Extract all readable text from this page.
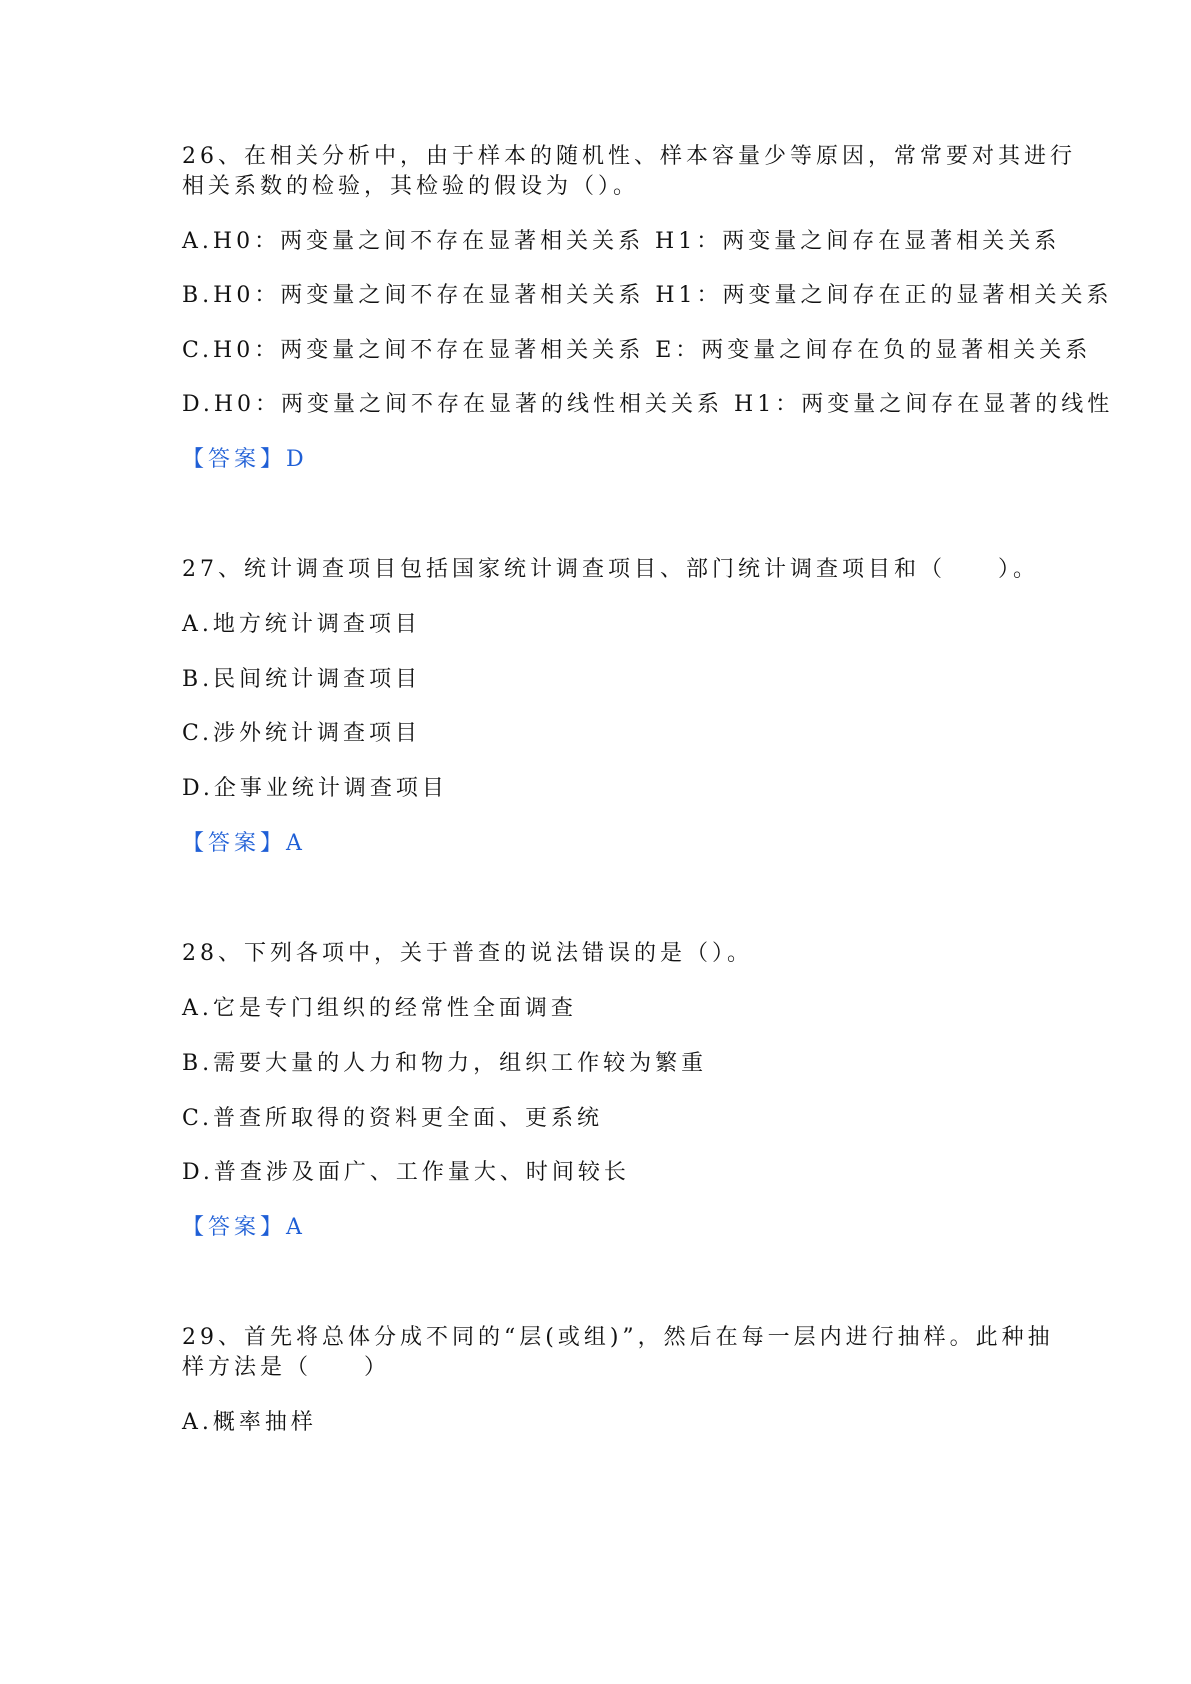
26、在相关分析中，由于样本的随机性、样本容量少等原因，常常要对其进行
相关系数的检验，其检验的假设为（）。
A.H0：两变量之间不存在显著相关关系 H1：两变量之间存在显著相关关系
B.H0：两变量之间不存在显著相关关系 H1：两变量之间存在正的显著相关关系
C.H0：两变量之间不存在显著相关关系 E：两变量之间存在负的显著相关关系
D.H0：两变量之间不存在显著的线性相关关系 H1：两变量之间存在显著的线性
【答案】D
27、统计调查项目包括国家统计调查项目、部门统计调查项目和（　　）。
A.地方统计调查项目
B.民间统计调查项目
C.涉外统计调查项目
D.企事业统计调查项目
【答案】A
28、下列各项中，关于普查的说法错误的是（）。
A.它是专门组织的经常性全面调查
B.需要大量的人力和物力，组织工作较为繁重
C.普查所取得的资料更全面、更系统
D.普查涉及面广、工作量大、时间较长
【答案】A
29、首先将总体分成不同的“层(或组)”，然后在每一层内进行抽样。此种抽
样方法是（　　）
A.概率抽样
